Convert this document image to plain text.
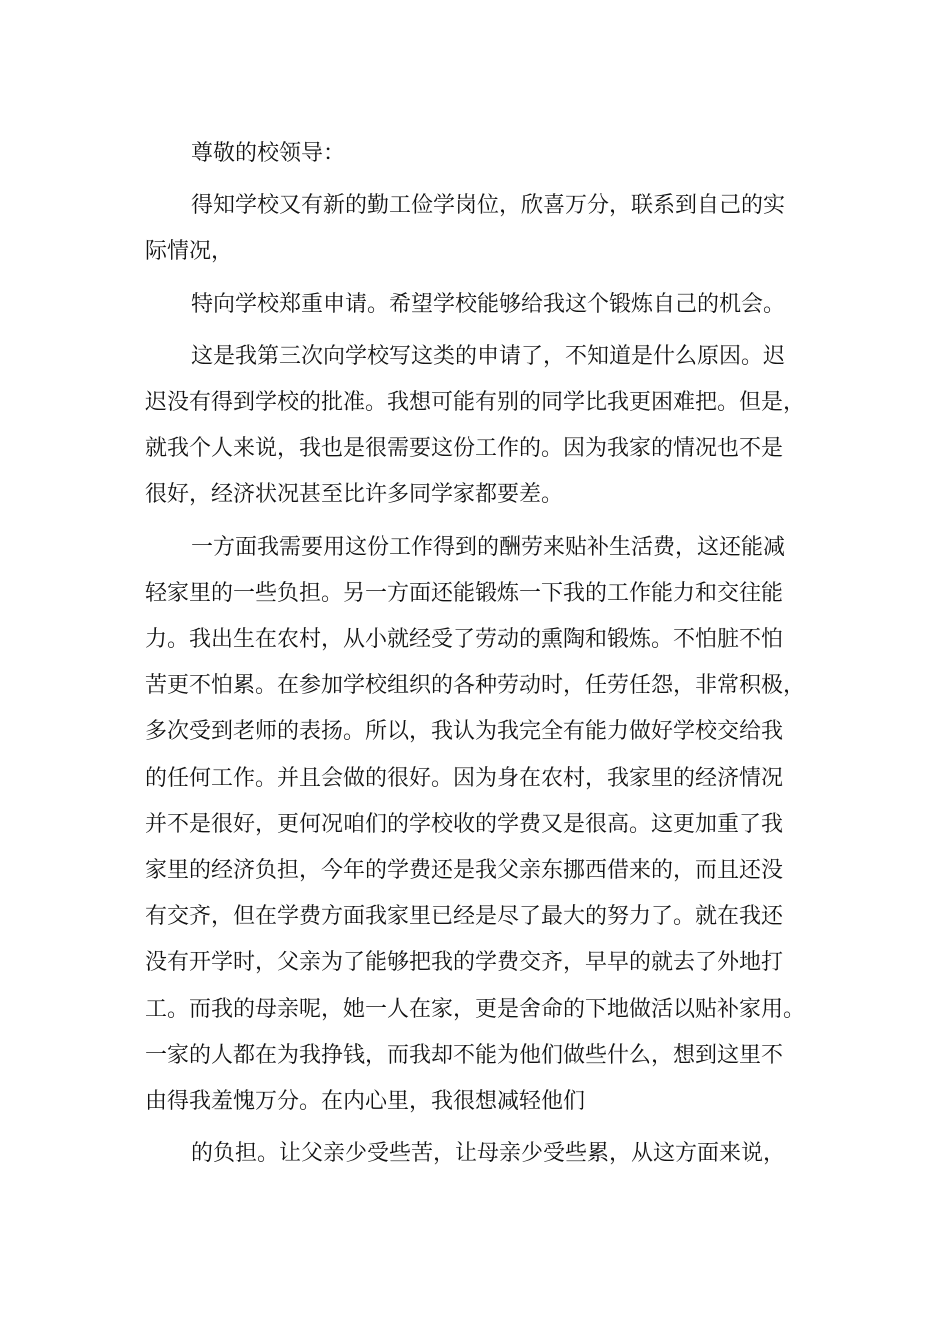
尊敬的校领导：

得知学校又有新的勤工俭学岗位，欣喜万分，联系到自己的实
际情况，

特向学校郑重申请。希望学校能够给我这个锻炼自己的机会。

这是我第三次向学校写这类的申请了，不知道是什么原因。迟
迟没有得到学校的批准。我想可能有别的同学比我更困难把。但是，
就我个人来说，我也是很需要这份工作的。因为我家的情况也不是
很好，经济状况甚至比许多同学家都要差。

一方面我需要用这份工作得到的酬劳来贴补生活费，这还能减
轻家里的一些负担。另一方面还能锻炼一下我的工作能力和交往能
力。我出生在农村，从小就经受了劳动的熏陶和锻炼。不怕脏不怕
苦更不怕累。在参加学校组织的各种劳动时，任劳任怨，非常积极，
多次受到老师的表扬。所以，我认为我完全有能力做好学校交给我
的任何工作。并且会做的很好。因为身在农村，我家里的经济情况
并不是很好，更何况咱们的学校收的学费又是很高。这更加重了我
家里的经济负担，今年的学费还是我父亲东挪西借来的，而且还没
有交齐，但在学费方面我家里已经是尽了最大的努力了。就在我还
没有开学时，父亲为了能够把我的学费交齐，早早的就去了外地打
工。而我的母亲呢，她一人在家，更是舍命的下地做活以贴补家用。
一家的人都在为我挣钱，而我却不能为他们做些什么，想到这里不
由得我羞愧万分。在内心里，我很想减轻他们

的负担。让父亲少受些苦，让母亲少受些累，从这方面来说，
